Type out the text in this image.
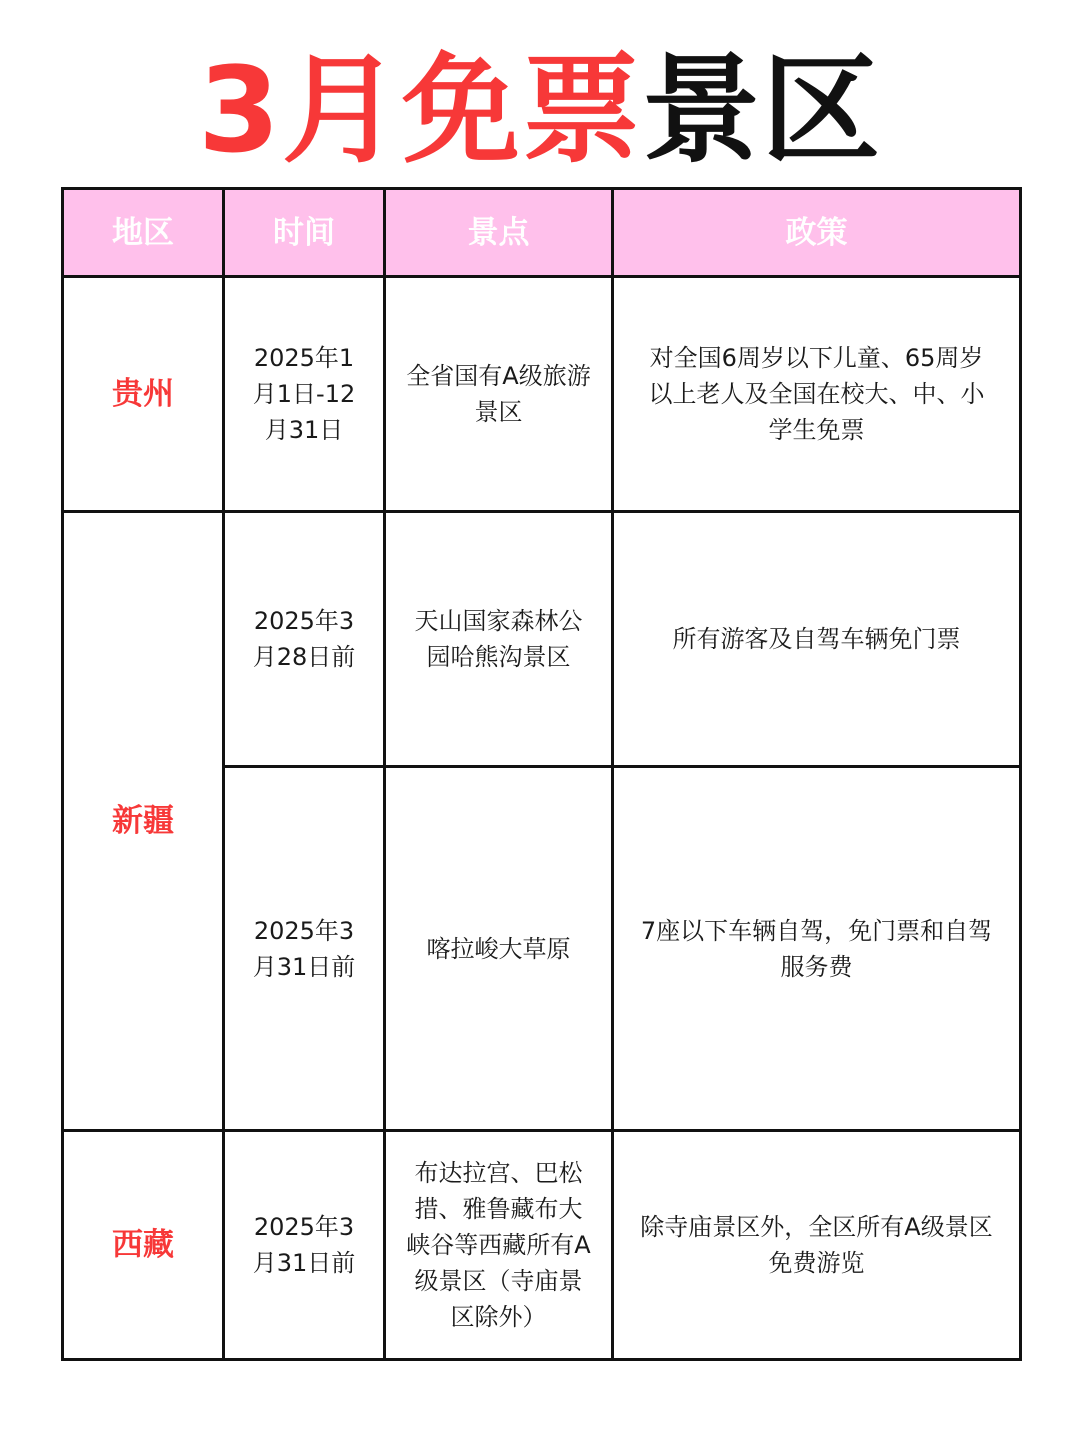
3月免票景区
地区	时间	景点	政策
贵州	2025年1月1日-12月31日	全省国有A级旅游景区	对全国6周岁以下儿童、65周岁以上老人及全国在校大、中、小学生免票
新疆	2025年3月28日前	天山国家森林公园哈熊沟景区	所有游客及自驾车辆免门票
	2025年3月31日前	喀拉峻大草原	7座以下车辆自驾，免门票和自驾服务费
西藏	2025年3月31日前	布达拉宫、巴松措、雅鲁藏布大峡谷等西藏所有A级景区（寺庙景区除外）	除寺庙景区外，全区所有A级景区免费游览
